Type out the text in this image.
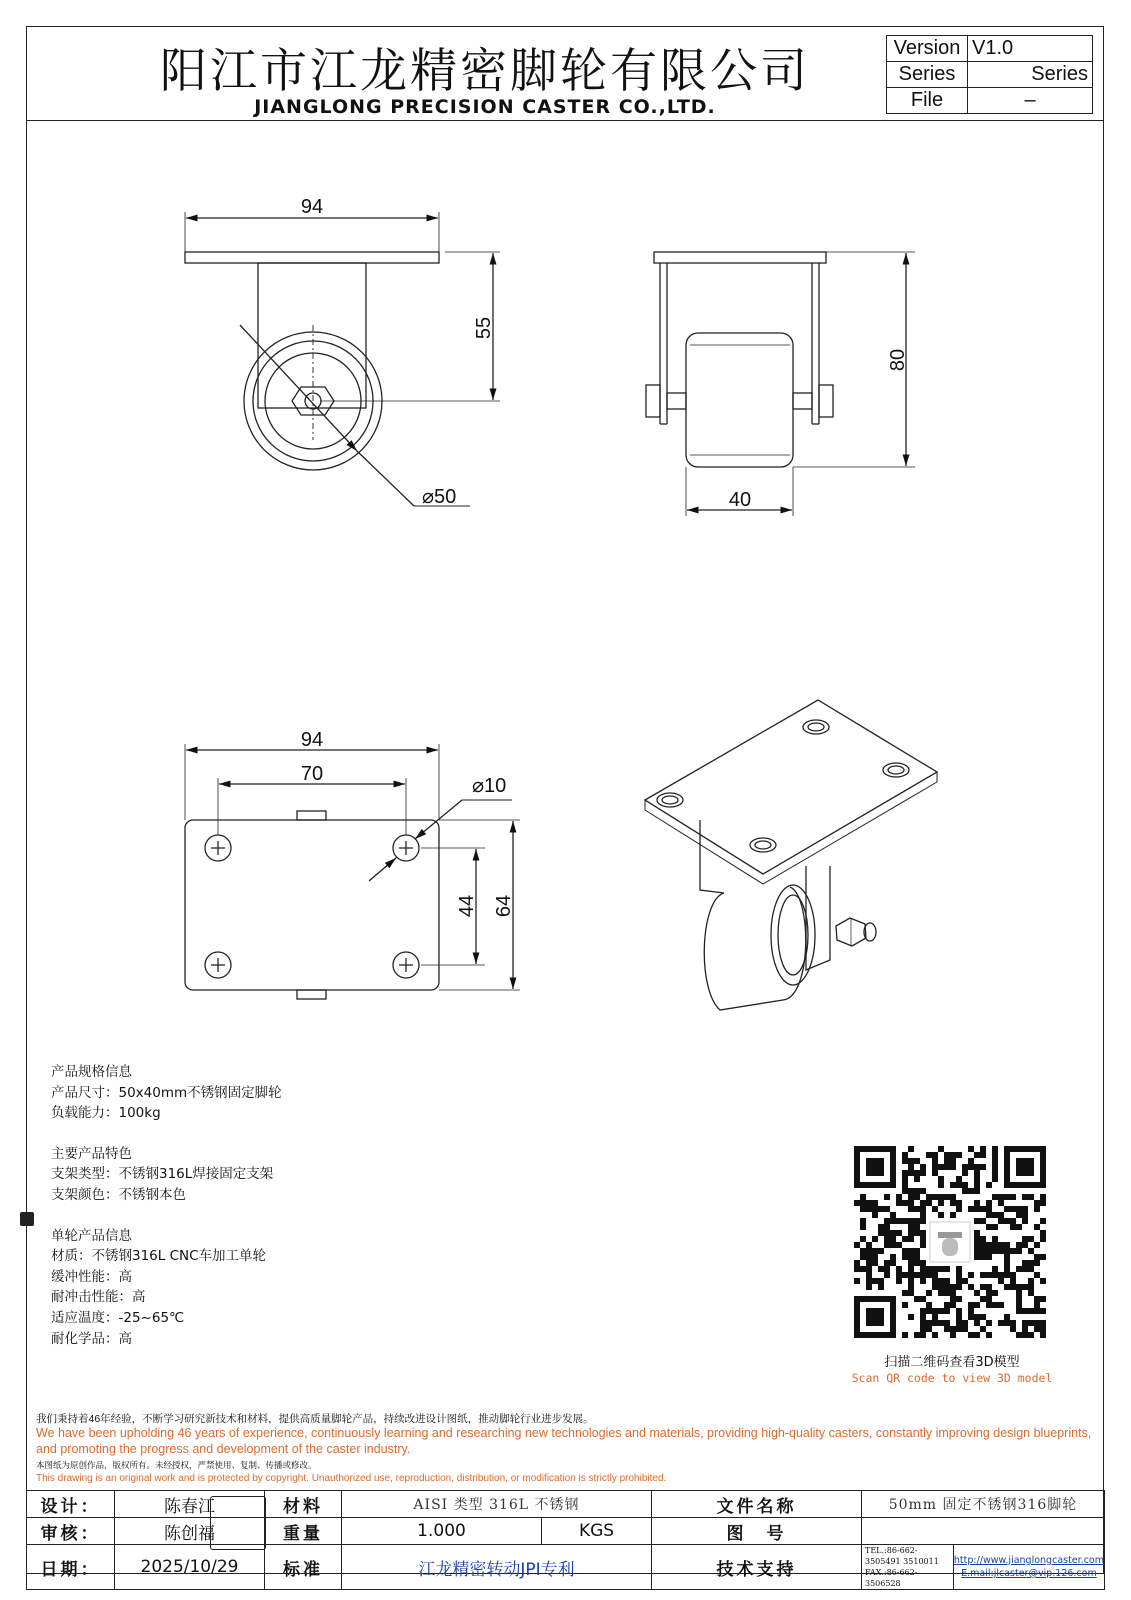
阳江市江龙精密脚轮有限公司
JIANGLONG PRECISION CASTER CO.,LTD.
Version	V1.0
Series	Series
File	–
94
55
⌀50
80
40
94
70
⌀10
44 64
产品规格信息
产品尺寸：50x40mm不锈钢固定脚轮
负载能力：100kg
主要产品特色
支架类型：不锈钢316L焊接固定支架
支架颜色：不锈钢本色
单轮产品信息
材质：不锈钢316L CNC车加工单轮
缓冲性能：高
耐冲击性能：高
适应温度：-25~65℃
耐化学品：高
扫描二维码查看3D模型
Scan QR code to view 3D model
我们秉持着46年经验，不断学习研究新技术和材料，提供高质量脚轮产品，持续改进设计图纸，推动脚轮行业进步发展。
We have been upholding 46 years of experience, continuously learning and researching new technologies and materials, providing high-quality casters, constantly improving design blueprints, and promoting the progress and development of the caster industry.
本图纸为原创作品，版权所有。未经授权，严禁使用、复制、传播或修改。
This drawing is an original work and is protected by copyright. Unauthorized use, reproduction, distribution, or modification is strictly prohibited.
设计：	陈春江	材料	AISI 类型 316L 不锈钢	文件名称	50mm 固定不锈钢316脚轮
审核：	陈创福	重量	1.000	KGS	图　号	
日期：	2025/10/29	标准	江龙精密转动JPI专利	技术支持	
TEL.:86-662-3505491 3510011
FAX.:86-662-3506528

http://www.jianglongcaster.com
E.mail:jlcaster@vip.126.com
